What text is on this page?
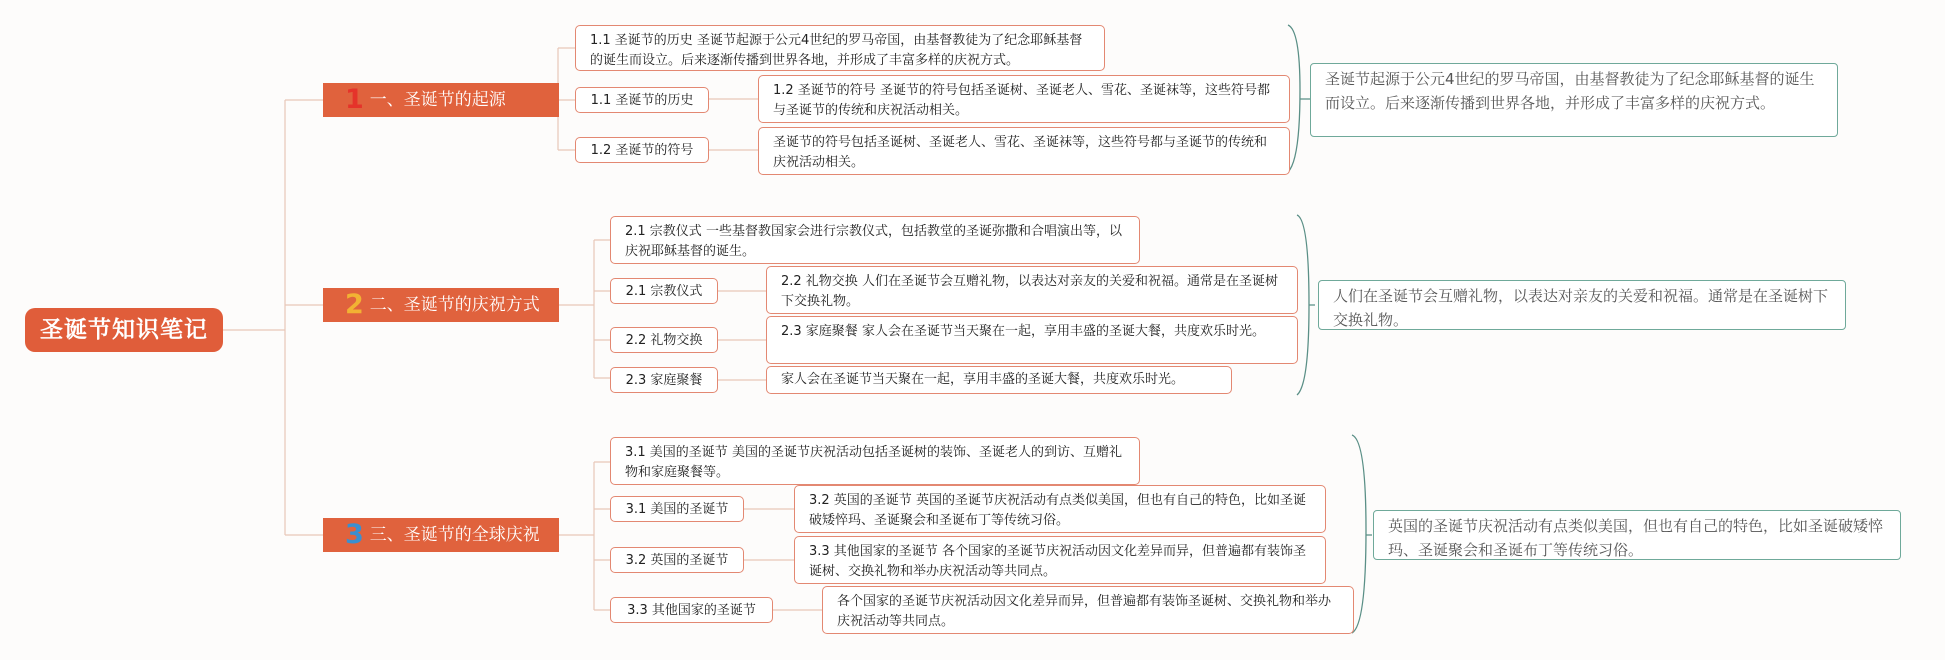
圣诞节知识笔记
1 一、圣诞节的起源
1.1 圣诞节的历史 圣诞节起源于公元4世纪的罗马帝国，由基督教徒为了纪念耶稣基督的诞生而设立。后来逐渐传播到世界各地，并形成了丰富多样的庆祝方式。
1.1 圣诞节的历史
1.2 圣诞节的符号 圣诞节的符号包括圣诞树、圣诞老人、雪花、圣诞袜等，这些符号都与圣诞节的传统和庆祝活动相关。
1.2 圣诞节的符号
圣诞节的符号包括圣诞树、圣诞老人、雪花、圣诞袜等，这些符号都与圣诞节的传统和庆祝活动相关。
圣诞节起源于公元4世纪的罗马帝国，由基督教徒为了纪念耶稣基督的诞生而设立。后来逐渐传播到世界各地，并形成了丰富多样的庆祝方式。
2 二、圣诞节的庆祝方式
2.1 宗教仪式 一些基督教国家会进行宗教仪式，包括教堂的圣诞弥撒和合唱演出等，以庆祝耶稣基督的诞生。
2.1 宗教仪式
2.2 礼物交换 人们在圣诞节会互赠礼物，以表达对亲友的关爱和祝福。通常是在圣诞树下交换礼物。
2.2 礼物交换
2.3 家庭聚餐 家人会在圣诞节当天聚在一起，享用丰盛的圣诞大餐，共度欢乐时光。
2.3 家庭聚餐	家人会在圣诞节当天聚在一起，享用丰盛的圣诞大餐，共度欢乐时光。
人们在圣诞节会互赠礼物，以表达对亲友的关爱和祝福。通常是在圣诞树下交换礼物。
3 三、圣诞节的全球庆祝
3.1 美国的圣诞节 美国的圣诞节庆祝活动包括圣诞树的装饰、圣诞老人的到访、互赠礼物和家庭聚餐等。
3.1 美国的圣诞节
3.2 英国的圣诞节 英国的圣诞节庆祝活动有点类似美国，但也有自己的特色，比如圣诞破矮悴玛、圣诞聚会和圣诞布丁等传统习俗。
3.2 英国的圣诞节
3.3 其他国家的圣诞节 各个国家的圣诞节庆祝活动因文化差异而异，但普遍都有装饰圣诞树、交换礼物和举办庆祝活动等共同点。
3.3 其他国家的圣诞节
各个国家的圣诞节庆祝活动因文化差异而异，但普遍都有装饰圣诞树、交换礼物和举办庆祝活动等共同点。
英国的圣诞节庆祝活动有点类似美国，但也有自己的特色，比如圣诞破矮悴玛、圣诞聚会和圣诞布丁等传统习俗。
